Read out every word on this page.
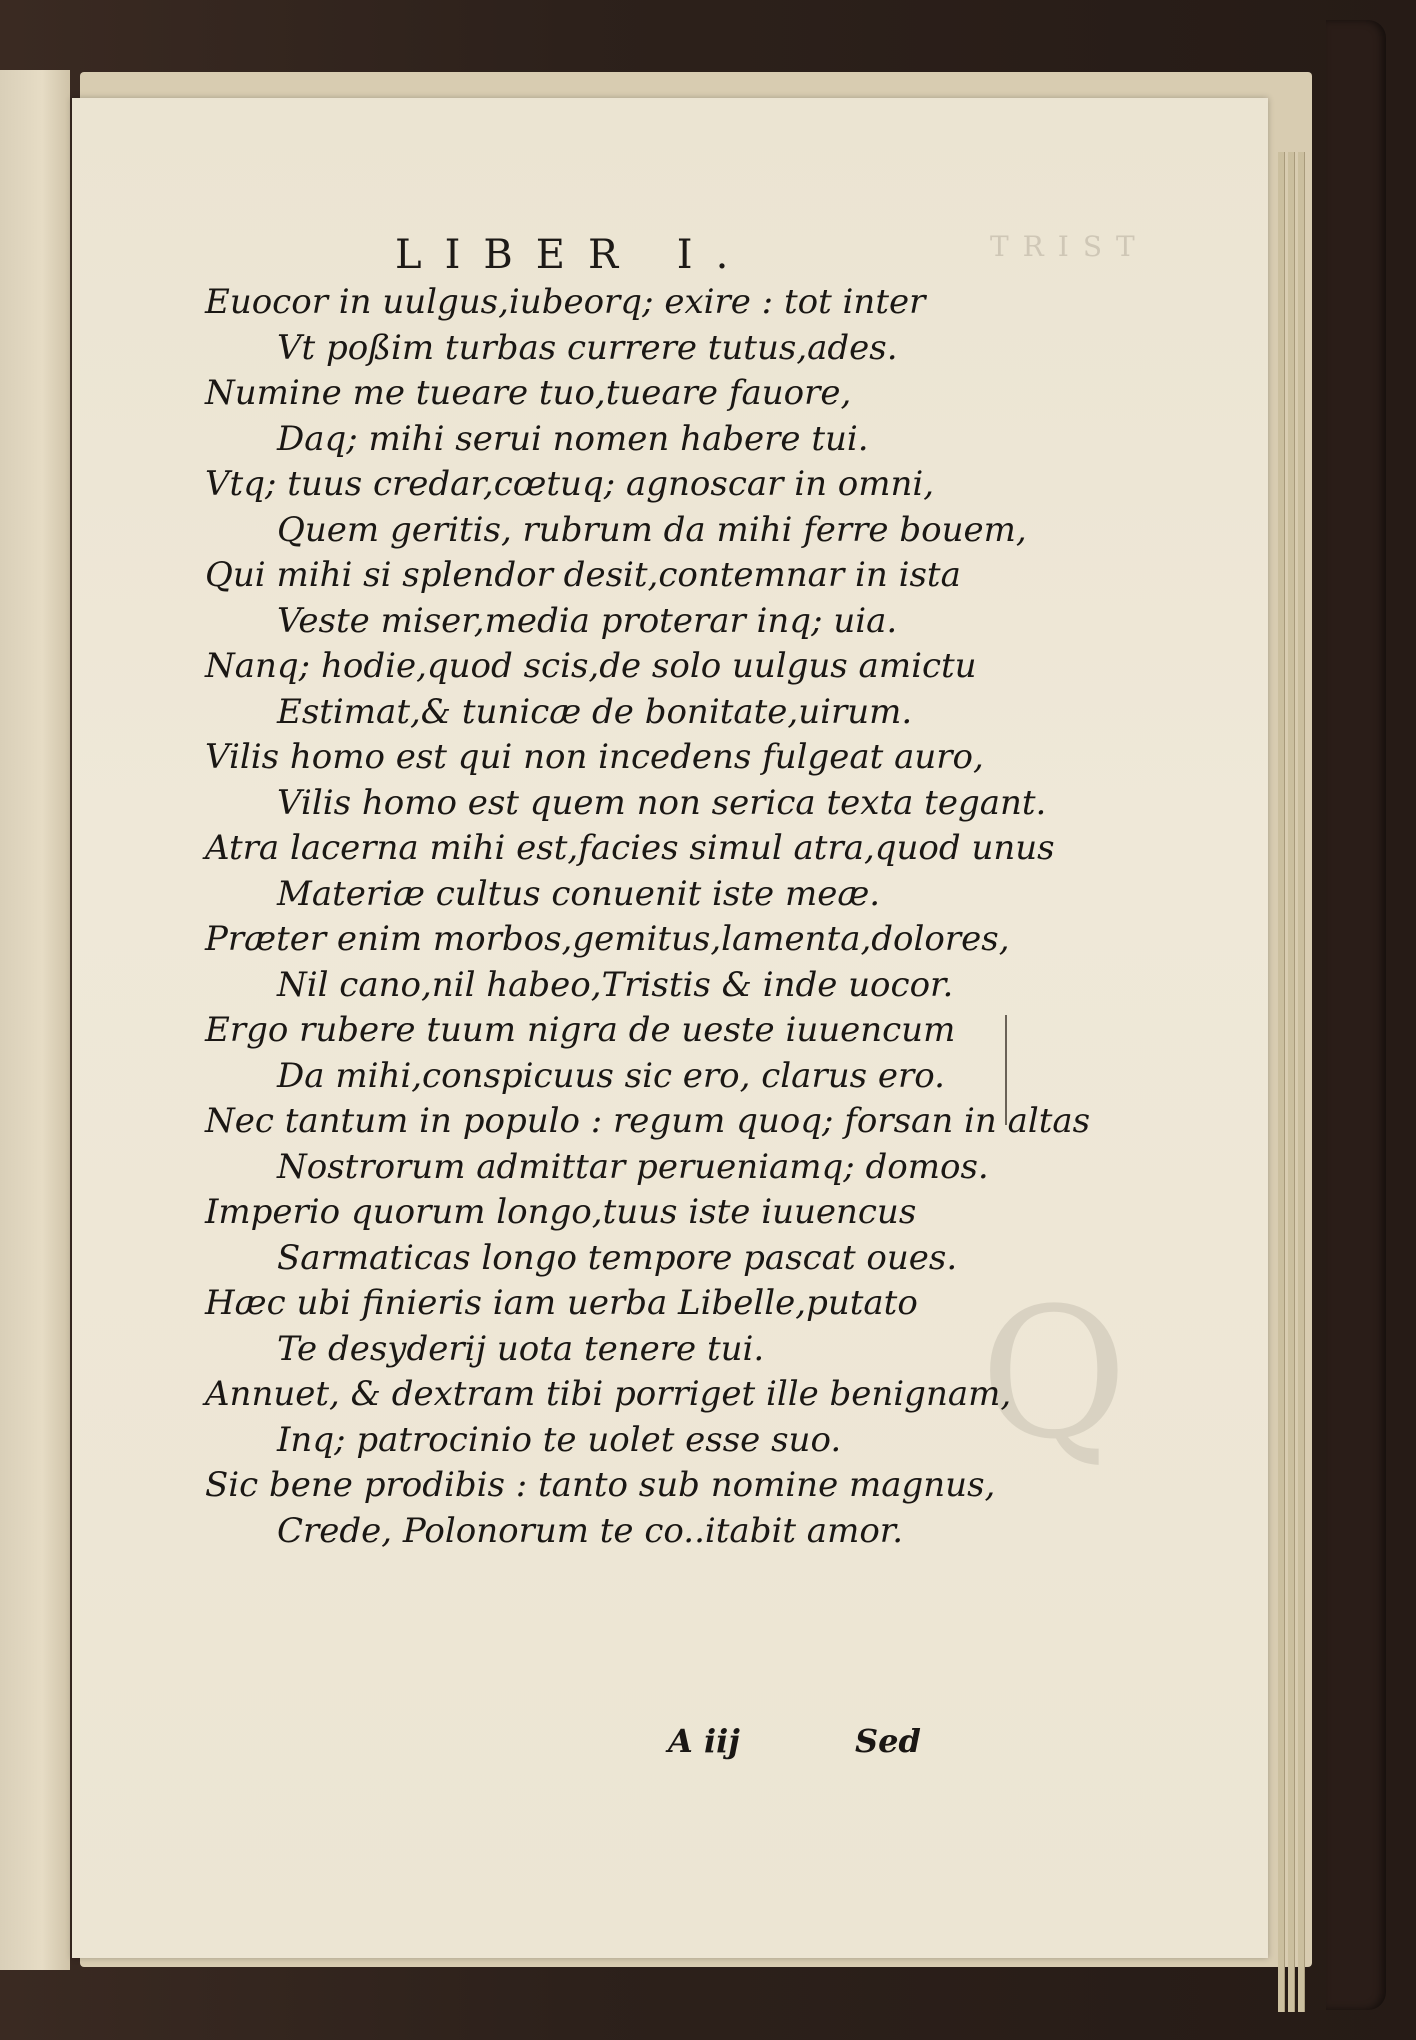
TRIST
Q
LIBER I.
Euocor in uulgus,iubeorq; exire : tot inter
Vt poßim turbas currere tutus,ades.
Numine me tueare tuo,tueare fauore,
Daq; mihi serui nomen habere tui.
Vtq; tuus credar,cœtuq; agnoscar in omni,
Quem geritis, rubrum da mihi ferre bouem,
Qui mihi si splendor desit,contemnar in ista
Veste miser,media proterar inq; uia.
Nanq; hodie,quod scis,de solo uulgus amictu
Estimat,& tunicæ de bonitate,uirum.
Vilis homo est qui non incedens fulgeat auro,
Vilis homo est quem non serica texta tegant.
Atra lacerna mihi est,facies simul atra,quod unus
Materiæ cultus conuenit iste meæ.
Præter enim morbos,gemitus,lamenta,dolores,
Nil cano,nil habeo,Tristis & inde uocor.
Ergo rubere tuum nigra de ueste iuuencum
Da mihi,conspicuus sic ero, clarus ero.
Nec tantum in populo : regum quoq; forsan in altas
Nostrorum admittar perueniamq; domos.
Imperio quorum longo,tuus iste iuuencus
Sarmaticas longo tempore pascat oues.
Hæc ubi finieris iam uerba Libelle,putato
Te desyderij uota tenere tui.
Annuet, & dextram tibi porriget ille benignam,
Inq; patrocinio te uolet esse suo.
Sic bene prodibis : tanto sub nomine magnus,
Crede, Polonorum te co..itabit amor.
A iij	Sed
